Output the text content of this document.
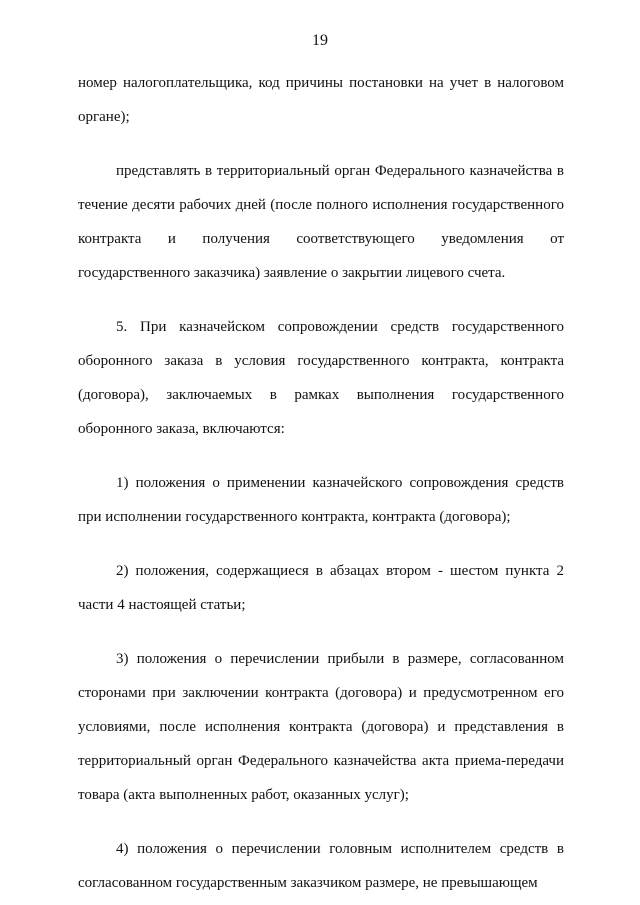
19

номер налогоплательщика, код причины постановки на учет в налоговом органе);

представлять в территориальный орган Федерального казначейства в течение десяти рабочих дней (после полного исполнения государственного контракта и получения соответствующего уведомления от государственного заказчика) заявление о закрытии лицевого счета.

5. При казначейском сопровождении средств государственного оборонного заказа в условия государственного контракта, контракта (договора), заключаемых в рамках выполнения государственного оборонного заказа, включаются:

1) положения о применении казначейского сопровождения средств при исполнении государственного контракта, контракта (договора);

2) положения, содержащиеся в абзацах втором - шестом пункта 2 части 4 настоящей статьи;

3) положения о перечислении прибыли в размере, согласованном сторонами при заключении контракта (договора) и предусмотренном его условиями, после исполнения контракта (договора) и представления в территориальный орган Федерального казначейства акта приема-передачи товара (акта выполненных работ, оказанных услуг);

4) положения о перечислении головным исполнителем средств в согласованном государственным заказчиком размере, не превышающем
